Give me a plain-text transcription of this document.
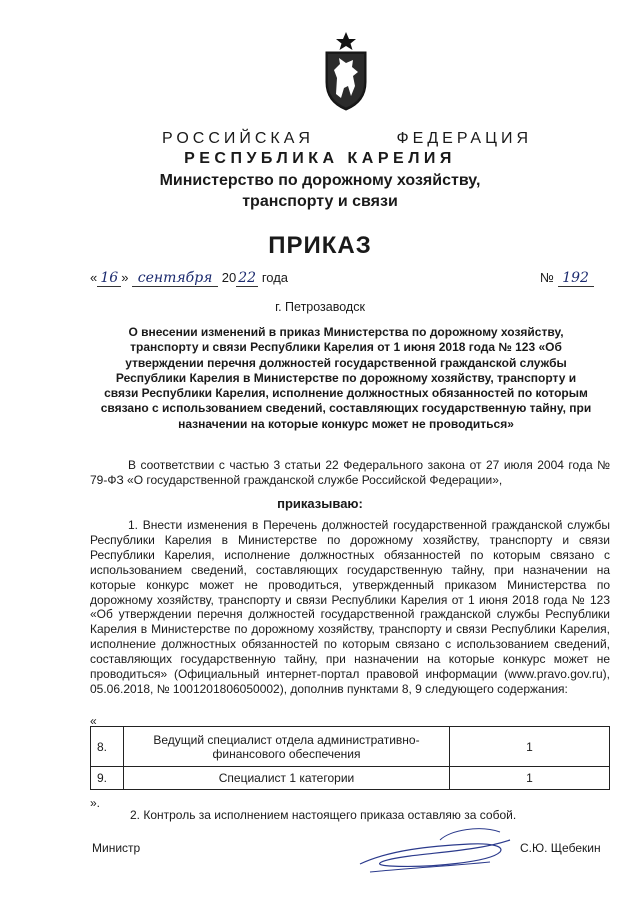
РОССИЙСКАЯ	ФЕДЕРАЦИЯ
РЕСПУБЛИКА КАРЕЛИЯ
Министерство по дорожному хозяйству,
транспорту и связи
ПРИКАЗ
« 16 » сентября 20 22 года	№ 192
г. Петрозаводск
О внесении изменений в приказ Министерства по дорожному хозяйству, транспорту и связи Республики Карелия от 1 июня 2018 года № 123 «Об утверждении перечня должностей государственной гражданской службы Республики Карелия в Министерстве по дорожному хозяйству, транспорту и связи Республики Карелия, исполнение должностных обязанностей по которым связано с использованием сведений, составляющих государственную тайну, при назначении на которые конкурс может не проводиться»
В соответствии с частью 3 статьи 22 Федерального закона от 27 июля 2004 года № 79-ФЗ «О государственной гражданской службе Российской Федерации»,
приказываю:
1. Внести изменения в Перечень должностей государственной гражданской службы Республики Карелия в Министерстве по дорожному хозяйству, транспорту и связи Республики Карелия, исполнение должностных обязанностей по которым связано с использованием сведений, составляющих государственную тайну, при назначении на которые конкурс может не проводиться, утвержденный приказом Министерства по дорожному хозяйству, транспорту и связи Республики Карелия от 1 июня 2018 года № 123 «Об утверждении перечня должностей государственной гражданской службы Республики Карелия в Министерстве по дорожному хозяйству, транспорту и связи Республики Карелия, исполнение должностных обязанностей по которым связано с использованием сведений, составляющих государственную тайну, при назначении на которые конкурс может не проводиться» (Официальный интернет-портал правовой информации (www.pravo.gov.ru), 05.06.2018, № 1001201806050002), дополнив пунктами 8, 9 следующего содержания:
«
8.	Ведущий специалист отдела административно-финансового обеспечения	1
9.	Специалист 1 категории	1
».
2. Контроль за исполнением настоящего приказа оставляю за собой.
Министр	С.Ю. Щебекин
